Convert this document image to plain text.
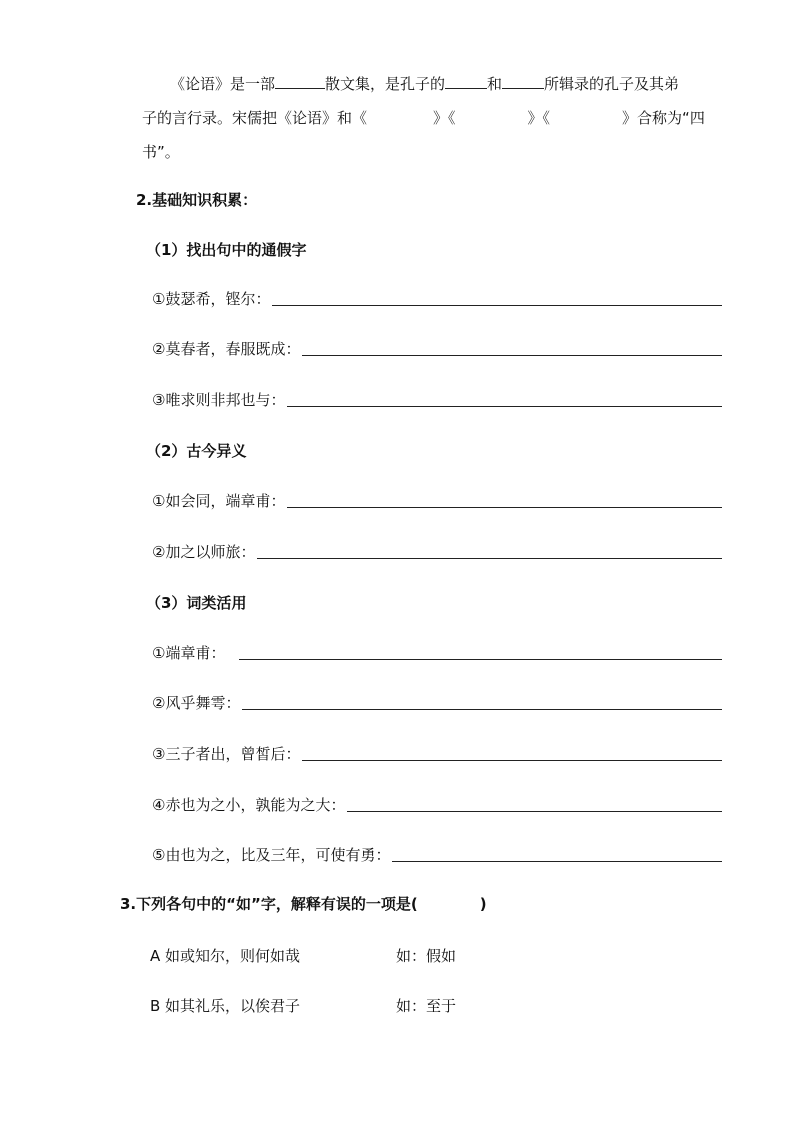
《论语》是一部	散文集，是孔子的	和	所辑录的孔子及其弟
子的言行录。宋儒把《论语》和《	》《	》《	》合称为“四
书”。
2.基础知识积累：
（1）找出句中的通假字
①鼓瑟希，铿尔：
②莫春者，春服既成：
③唯求则非邦也与：
（2）古今异义
①如会同，端章甫：
②加之以师旅：
（3）词类活用
①端章甫：
②风乎舞雩：
③三子者出，曾皙后：
④赤也为之小，孰能为之大：
⑤由也为之，比及三年，可使有勇：
3.下列各句中的“如”字，解释有误的一项是(	)
A 如或知尔，则何如哉	如：假如
B 如其礼乐，以俟君子	如：至于
